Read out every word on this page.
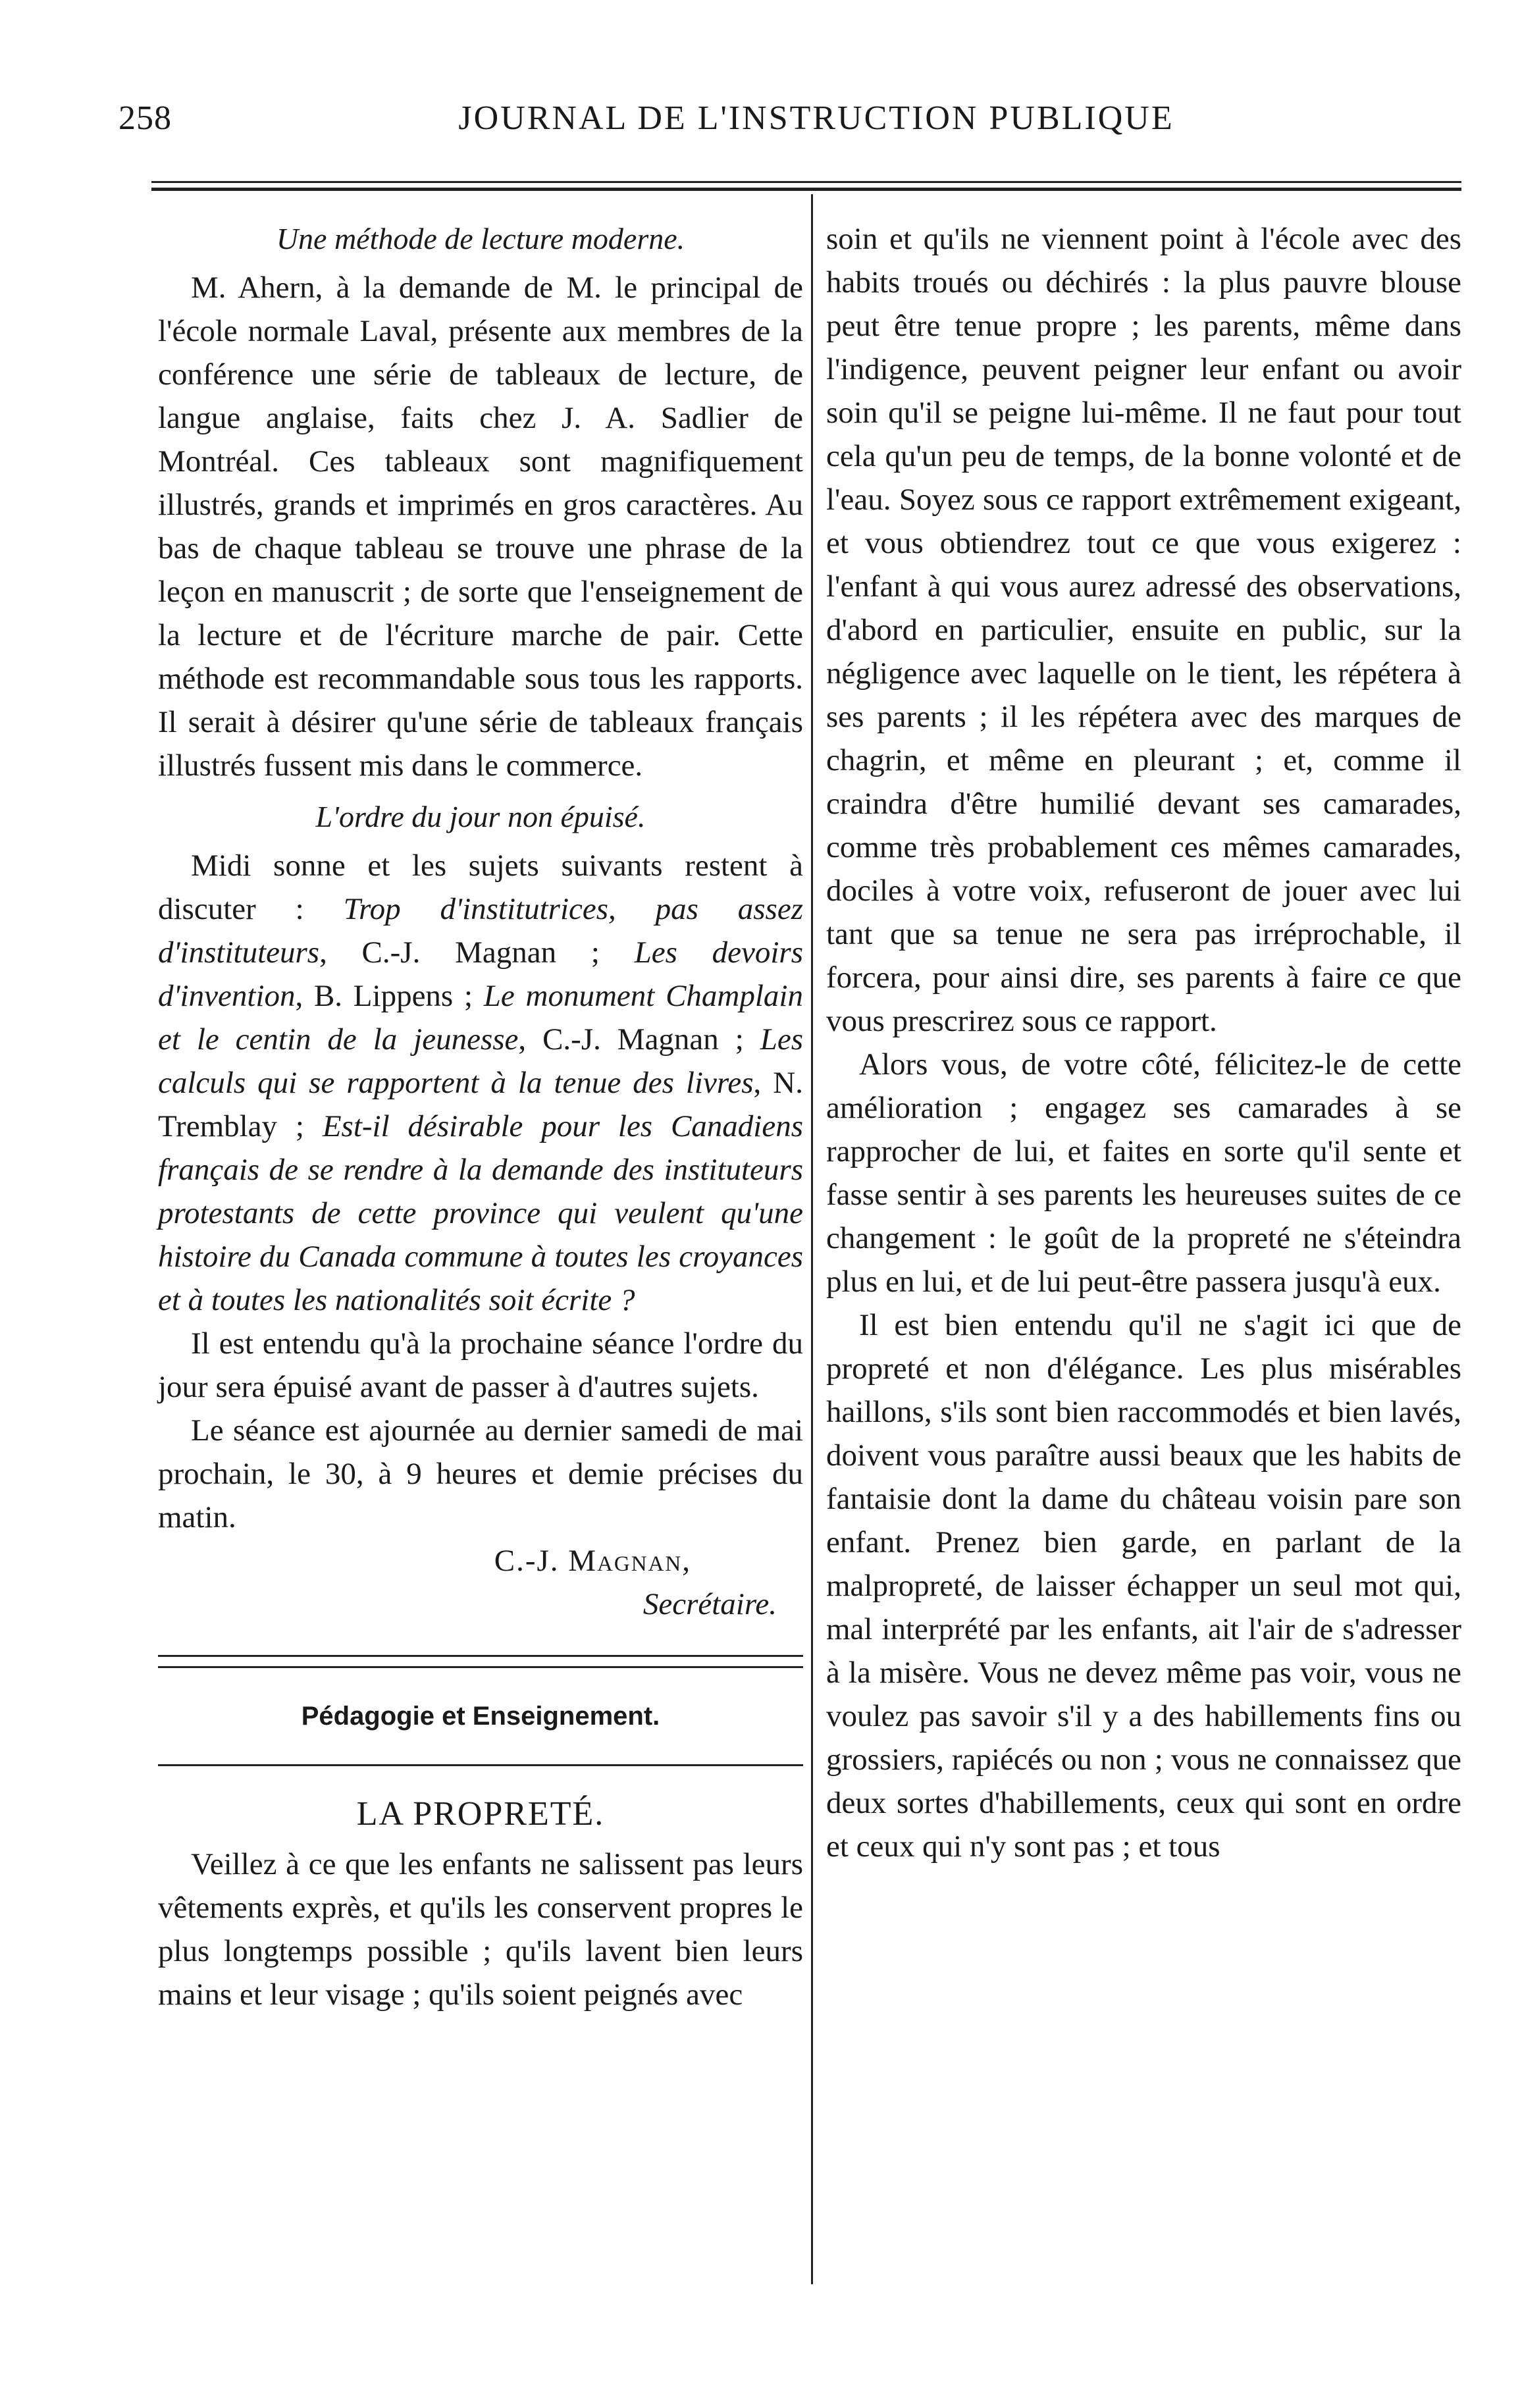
258	JOURNAL DE L'INSTRUCTION PUBLIQUE
Une méthode de lecture moderne.

M. Ahern, à la demande de M. le principal de l'école normale Laval, présente aux membres de la conférence une série de tableaux de lecture, de langue anglaise, faits chez J. A. Sadlier de Montréal. Ces tableaux sont magnifiquement illustrés, grands et imprimés en gros caractères. Au bas de chaque tableau se trouve une phrase de la leçon en manuscrit ; de sorte que l'enseignement de la lecture et de l'écriture marche de pair. Cette méthode est recommandable sous tous les rapports. Il serait à désirer qu'une série de tableaux français illustrés fussent mis dans le commerce.

L'ordre du jour non épuisé.

Midi sonne et les sujets suivants restent à discuter : Trop d'institutrices, pas assez d'instituteurs, C.-J. Magnan ; Les devoirs d'invention, B. Lippens ; Le monument Champlain et le centin de la jeunesse, C.-J. Magnan ; Les calculs qui se rapportent à la tenue des livres, N. Tremblay ; Est-il désirable pour les Canadiens français de se rendre à la demande des instituteurs protestants de cette province qui veulent qu'une histoire du Canada commune à toutes les croyances et à toutes les nationalités soit écrite ?

Il est entendu qu'à la prochaine séance l'ordre du jour sera épuisé avant de passer à d'autres sujets.

Le séance est ajournée au dernier samedi de mai prochain, le 30, à 9 heures et demie précises du matin.

C.-J. Magnan,
Secrétaire.
Pédagogie et Enseignement.
LA PROPRETÉ.

Veillez à ce que les enfants ne salissent pas leurs vêtements exprès, et qu'ils les conservent propres le plus longtemps possible ; qu'ils lavent bien leurs mains et leur visage ; qu'ils soient peignés avec

soin et qu'ils ne viennent point à l'école avec des habits troués ou déchirés : la plus pauvre blouse peut être tenue propre ; les parents, même dans l'indigence, peuvent peigner leur enfant ou avoir soin qu'il se peigne lui-même. Il ne faut pour tout cela qu'un peu de temps, de la bonne volonté et de l'eau. Soyez sous ce rapport extrêmement exigeant, et vous obtiendrez tout ce que vous exigerez : l'enfant à qui vous aurez adressé des observations, d'abord en particulier, ensuite en public, sur la négligence avec laquelle on le tient, les répétera à ses parents ; il les répétera avec des marques de chagrin, et même en pleurant ; et, comme il craindra d'être humilié devant ses camarades, comme très probablement ces mêmes camarades, dociles à votre voix, refuseront de jouer avec lui tant que sa tenue ne sera pas irréprochable, il forcera, pour ainsi dire, ses parents à faire ce que vous prescrirez sous ce rapport.

Alors vous, de votre côté, félicitez-le de cette amélioration ; engagez ses camarades à se rapprocher de lui, et faites en sorte qu'il sente et fasse sentir à ses parents les heureuses suites de ce changement : le goût de la propreté ne s'éteindra plus en lui, et de lui peut-être passera jusqu'à eux.

Il est bien entendu qu'il ne s'agit ici que de propreté et non d'élégance. Les plus misérables haillons, s'ils sont bien raccommodés et bien lavés, doivent vous paraître aussi beaux que les habits de fantaisie dont la dame du château voisin pare son enfant. Prenez bien garde, en parlant de la malpropreté, de laisser échapper un seul mot qui, mal interprété par les enfants, ait l'air de s'adresser à la misère. Vous ne devez même pas voir, vous ne voulez pas savoir s'il y a des habillements fins ou grossiers, rapiécés ou non ; vous ne connaissez que deux sortes d'habillements, ceux qui sont en ordre et ceux qui n'y sont pas ; et tous
